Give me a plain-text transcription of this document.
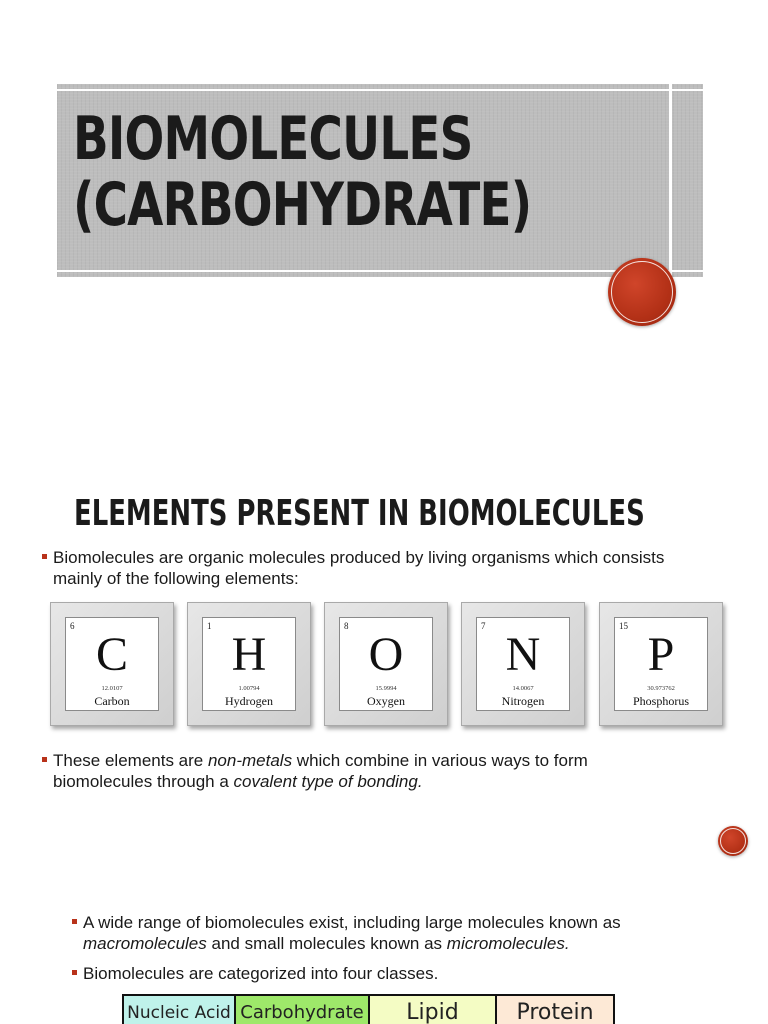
BIOMOLECULES
(CARBOHYDRATE)
ELEMENTS PRESENT IN BIOMOLECULES
Biomolecules are organic molecules produced by living organisms which consists mainly of the following elements:
6
C
12.0107
Carbon
1
H
1.00794
Hydrogen
8
O
15.9994
Oxygen
7
N
14.0067
Nitrogen
15
P
30.973762
Phosphorus
These elements are non-metals which combine in various ways to form biomolecules through a covalent type of bonding.
A wide range of biomolecules exist, including large molecules known as macromolecules and small molecules known as micromolecules.
Biomolecules are categorized into four classes.
Nucleic Acid Carbohydrate	Lipid	Protein
